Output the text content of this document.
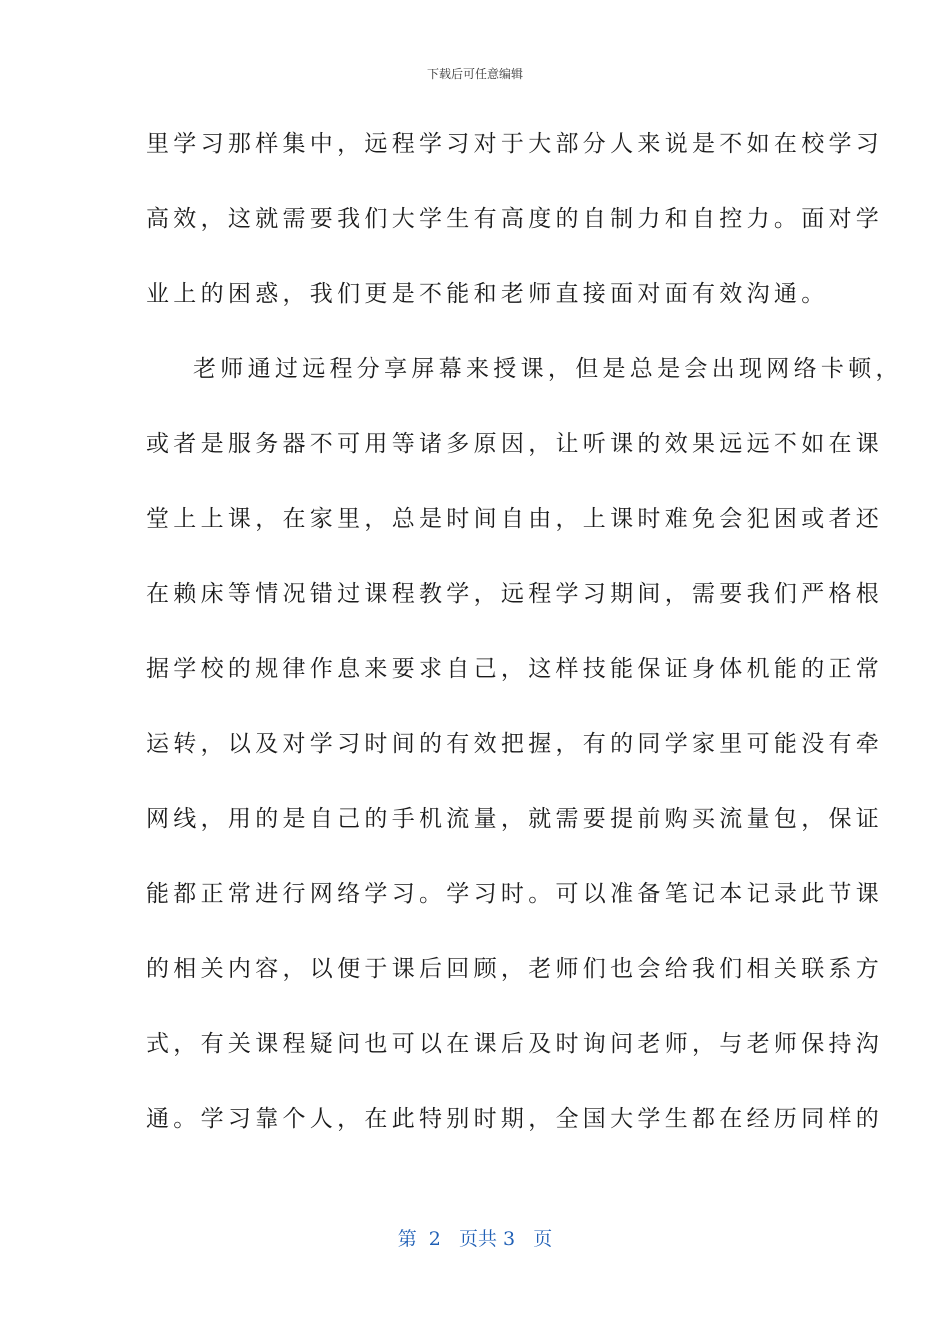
下载后可任意编辑
里学习那样集中，远程学习对于大部分人来说是不如在校学习
高效，这就需要我们大学生有高度的自制力和自控力。面对学
业上的困惑，我们更是不能和老师直接面对面有效沟通。
老师通过远程分享屏幕来授课，但是总是会出现网络卡顿，
或者是服务器不可用等诸多原因，让听课的效果远远不如在课
堂上上课，在家里，总是时间自由，上课时难免会犯困或者还
在赖床等情况错过课程教学，远程学习期间，需要我们严格根
据学校的规律作息来要求自己，这样技能保证身体机能的正常
运转，以及对学习时间的有效把握，有的同学家里可能没有牵
网线，用的是自己的手机流量，就需要提前购买流量包，保证
能都正常进行网络学习。学习时。可以准备笔记本记录此节课
的相关内容，以便于课后回顾，老师们也会给我们相关联系方
式，有关课程疑问也可以在课后及时询问老师，与老师保持沟
通。学习靠个人，在此特别时期，全国大学生都在经历同样的
第  2   页共 3   页
